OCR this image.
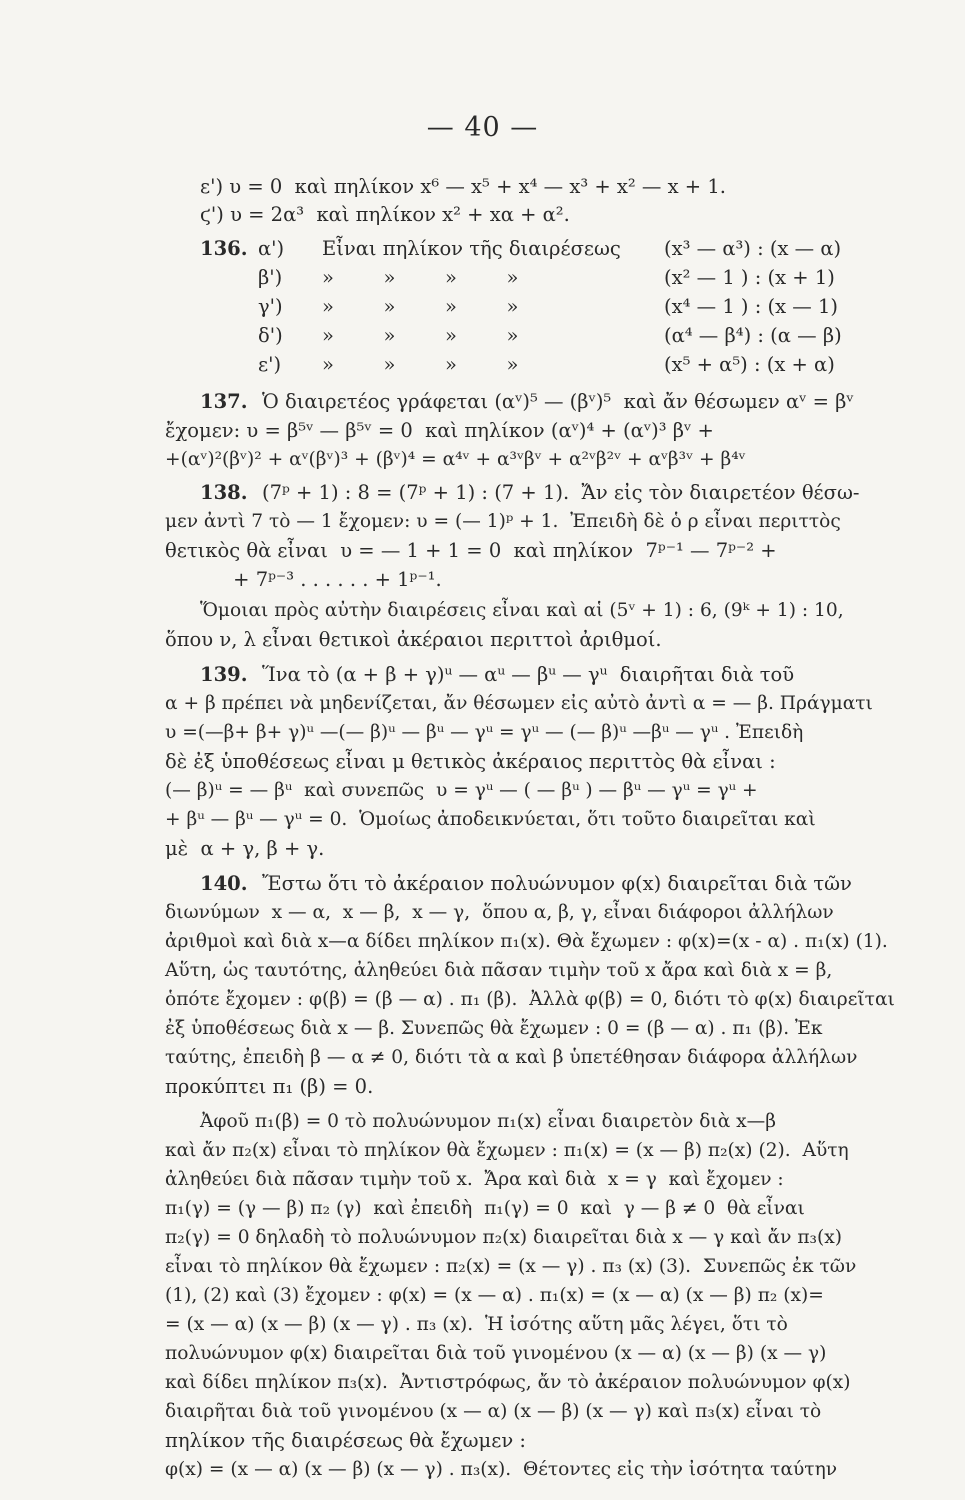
— 40 —
ε') υ = 0  καὶ πηλίκον x⁶ — x⁵ + x⁴ — x³ + x² — x + 1.
ϛ') υ = 2α³  καὶ πηλίκον x² + xα + α².
136. α') Εἶναι πηλίκον τῆς διαιρέσεως (x³ — α³) : (x — α)
β') »        »        »        »	(x² — 1 ) : (x + 1)
γ') »        »        »        »	(x⁴ — 1 ) : (x — 1)
δ') »        »        »        »	(α⁴ — β⁴) : (α — β)
ε') »        »        »        »	(x⁵ + α⁵) : (x + α)
137. Ὁ διαιρετέος γράφεται (αᵛ)⁵ — (βᵛ)⁵  καὶ ἄν θέσωμεν αᵛ = βᵛ
ἔχομεν: υ = β⁵ᵛ — β⁵ᵛ = 0  καὶ πηλίκον (αᵛ)⁴ + (αᵛ)³ βᵛ +
+(αᵛ)²(βᵛ)² + αᵛ(βᵛ)³ + (βᵛ)⁴ = α⁴ᵛ + α³ᵛβᵛ + α²ᵛβ²ᵛ + αᵛβ³ᵛ + β⁴ᵛ
138. (7ᵖ + 1) : 8 = (7ᵖ + 1) : (7 + 1).  Ἄν εἰς τὸν διαιρετέον θέσω-
μεν ἀντὶ 7 τὸ — 1 ἔχομεν: υ = (— 1)ᵖ + 1.  Ἐπειδὴ δὲ ὁ ρ εἶναι περιττὸς
θετικὸς θὰ εἶναι  υ = — 1 + 1 = 0  καὶ πηλίκον  7ᵖ⁻¹ — 7ᵖ⁻² +
+ 7ᵖ⁻³ . . . . . . + 1ᵖ⁻¹.
Ὅμοιαι πρὸς αὐτὴν διαιρέσεις εἶναι καὶ αἱ (5ᵛ + 1) : 6, (9ᵏ + 1) : 10,
ὅπου ν, λ εἶναι θετικοὶ ἀκέραιοι περιττοὶ ἀριθμοί.
139. Ἵνα τὸ (α + β + γ)ᵘ — αᵘ — βᵘ — γᵘ  διαιρῆται διὰ τοῦ
α + β πρέπει νὰ μηδενίζεται, ἄν θέσωμεν εἰς αὐτὸ ἀντὶ α = — β. Πράγματι
υ =(—β+ β+ γ)ᵘ —(— β)ᵘ — βᵘ — γᵘ = γᵘ — (— β)ᵘ —βᵘ — γᵘ . Ἐπειδὴ
δὲ ἐξ ὑποθέσεως εἶναι μ θετικὸς ἀκέραιος περιττὸς θὰ εἶναι :
(— β)ᵘ = — βᵘ  καὶ συνεπῶς  υ = γᵘ — ( — βᵘ ) — βᵘ — γᵘ = γᵘ +
+ βᵘ — βᵘ — γᵘ = 0.  Ὁμοίως ἀποδεικνύεται, ὅτι τοῦτο διαιρεῖται καὶ
μὲ  α + γ, β + γ.
140. Ἔστω ὅτι τὸ ἀκέραιον πολυώνυμον φ(x) διαιρεῖται διὰ τῶν
διωνύμων  x — α,  x — β,  x — γ,  ὅπου α, β, γ, εἶναι διάφοροι ἀλλήλων
ἀριθμοὶ καὶ διὰ x—α δίδει πηλίκον π₁(x). Θὰ ἔχωμεν : φ(x)=(x - α) . π₁(x) (1).
Αὕτη, ὡς ταυτότης, ἀληθεύει διὰ πᾶσαν τιμὴν τοῦ x ἄρα καὶ διὰ x = β,
ὁπότε ἔχομεν : φ(β) = (β — α) . π₁ (β).  Ἀλλὰ φ(β) = 0, διότι τὸ φ(x) διαιρεῖται
ἐξ ὑποθέσεως διὰ x — β. Συνεπῶς θὰ ἔχωμεν : 0 = (β — α) . π₁ (β). Ἐκ
ταύτης, ἐπειδὴ β — α ≠ 0, διότι τὰ α καὶ β ὑπετέθησαν διάφορα ἀλλήλων
προκύπτει π₁ (β) = 0.
Ἀφοῦ π₁(β) = 0 τὸ πολυώνυμον π₁(x) εἶναι διαιρετὸν διὰ x—β
καὶ ἄν π₂(x) εἶναι τὸ πηλίκον θὰ ἔχωμεν : π₁(x) = (x — β) π₂(x) (2).  Αὕτη
ἀληθεύει διὰ πᾶσαν τιμὴν τοῦ x.  Ἄρα καὶ διὰ  x = γ  καὶ ἔχομεν :
π₁(γ) = (γ — β) π₂ (γ)  καὶ ἐπειδὴ  π₁(γ) = 0  καὶ  γ — β ≠ 0  θὰ εἶναι
π₂(γ) = 0 δηλαδὴ τὸ πολυώνυμον π₂(x) διαιρεῖται διὰ x — γ καὶ ἄν π₃(x)
εἶναι τὸ πηλίκον θὰ ἔχωμεν : π₂(x) = (x — γ) . π₃ (x) (3).  Συνεπῶς ἐκ τῶν
(1), (2) καὶ (3) ἔχομεν : φ(x) = (x — α) . π₁(x) = (x — α) (x — β) π₂ (x)=
= (x — α) (x — β) (x — γ) . π₃ (x).  Ἡ ἰσότης αὕτη μᾶς λέγει, ὅτι τὸ
πολυώνυμον φ(x) διαιρεῖται διὰ τοῦ γινομένου (x — α) (x — β) (x — γ)
καὶ δίδει πηλίκον π₃(x).  Ἀντιστρόφως, ἄν τὸ ἀκέραιον πολυώνυμον φ(x)
διαιρῆται διὰ τοῦ γινομένου (x — α) (x — β) (x — γ) καὶ π₃(x) εἶναι τὸ
πηλίκον τῆς διαιρέσεως θὰ ἔχωμεν :
φ(x) = (x — α) (x — β) (x — γ) . π₃(x).  Θέτοντες εἰς τὴν ἰσότητα ταύτην
